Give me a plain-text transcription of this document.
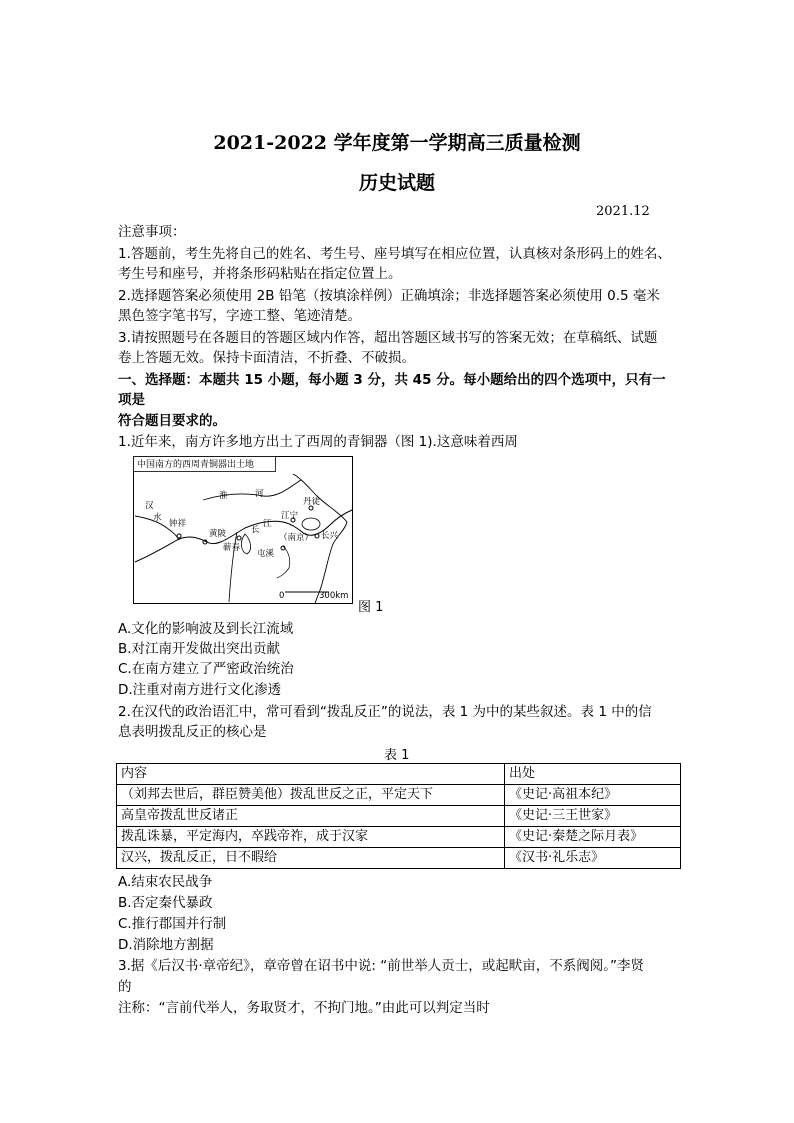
2021-2022 学年度第一学期高三质量检测
历史试题
2021.12
注意事项：
1.答题前，考生先将自己的姓名、考生号、座号填写在相应位置，认真核对条形码上的姓名、
考生号和座号，并将条形码粘贴在指定位置上。
2.选择题答案必须使用 2B 铅笔（按填涂样例）正确填涂；非选择题答案必须使用 0.5 毫米
黑色签字笔书写，字迹工整、笔迹清楚。
3.请按照题号在各题目的答题区域内作答，超出答题区域书写的答案无效；在草稿纸、试题
卷上答题无效。保持卡面清洁，不折叠、不破损。
一、选择题：本题共 15 小题，每小题 3 分，共 45 分。每小题给出的四个选项中，只有一
项是
符合题目要求的。
1.近年来，南方许多地方出土了西周的青铜器（图 1).这意味着西周
中国南方的西周青铜器出土地
汉
水
钟祥
淮	河
黄陂
蕲春
长
江
江宁
丹徒
（南京） 长兴
屯溪
0	300km
图 1
A.文化的影响波及到长江流域
B.对江南开发做出突出贡献
C.在南方建立了严密政治统治
D.注重对南方进行文化渗透
2.在汉代的政治语汇中，常可看到“拨乱反正”的说法，表 1 为中的某些叙述。表 1 中的信
息表明拨乱反正的核心是
表 1
内容	出处
（刘邦去世后，群臣赞美他）拨乱世反之正，平定天下	《史记·高祖本纪》
高皇帝拨乱世反诸正	《史记·三王世家》
拨乱诛暴，平定海内，卒践帝祚，成于汉家	《史记·秦楚之际月表》
汉兴，拨乱反正，日不暇给	《汉书·礼乐志》
A.结束农民战争
B.否定秦代暴政
C.推行郡国并行制
D.消除地方割据
3.据《后汉书·章帝纪》，章帝曾在诏书中说: “前世举人贡士，或起畎亩，不系阀阅。”李贤
的
注称：“言前代举人，务取贤才，不拘门地。”由此可以判定当时
